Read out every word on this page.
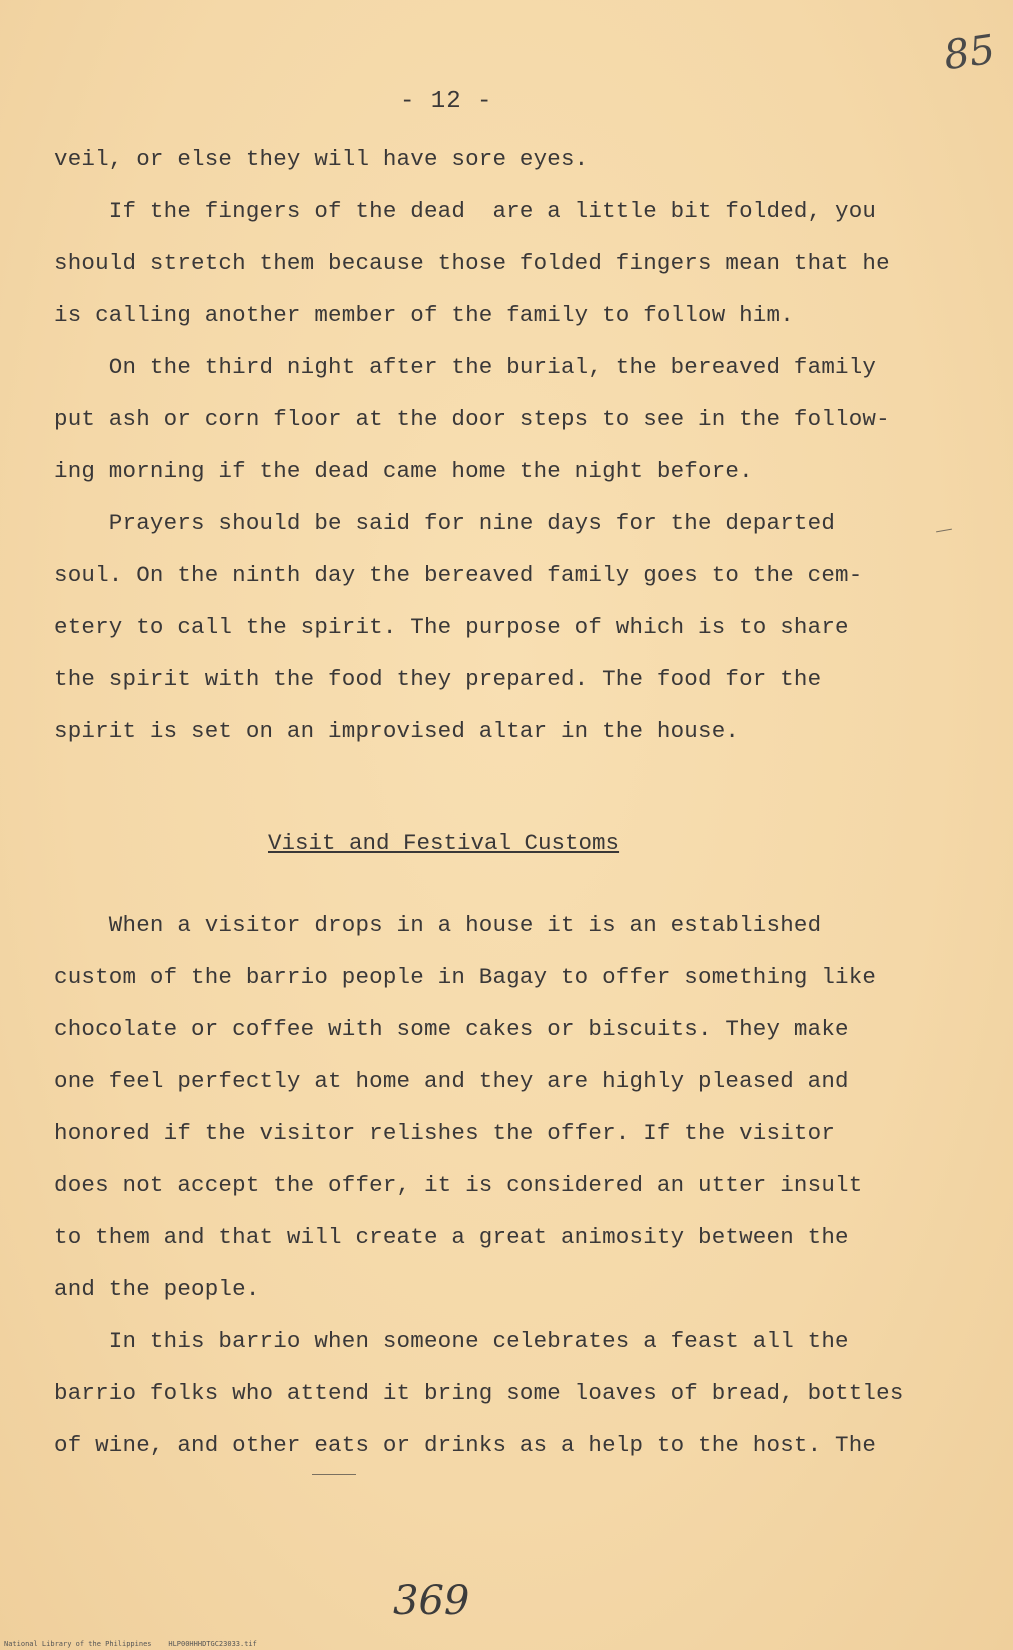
85
- 12 -
veil, or else they will have sore eyes.
If the fingers of the dead  are a little bit folded, you
should stretch them because those folded fingers mean that he
is calling another member of the family to follow him.
On the third night after the burial, the bereaved family
put ash or corn floor at the door steps to see in the follow-
ing morning if the dead came home the night before.
Prayers should be said for nine days for the departed
soul. On the ninth day the bereaved family goes to the cem-
etery to call the spirit. The purpose of which is to share
the spirit with the food they prepared. The food for the
spirit is set on an improvised altar in the house.
Visit and Festival Customs
When a visitor drops in a house it is an established
custom of the barrio people in Bagay to offer something like
chocolate or coffee with some cakes or biscuits. They make
one feel perfectly at home and they are highly pleased and
honored if the visitor relishes the offer. If the visitor
does not accept the offer, it is considered an utter insult
to them and that will create a great animosity between the
and the people.
In this barrio when someone celebrates a feast all the
barrio folks who attend it bring some loaves of bread, bottles
of wine, and other eats or drinks as a help to the host. The
369
National Library of the Philippines    HLP00HHHDTGC23033.tif
